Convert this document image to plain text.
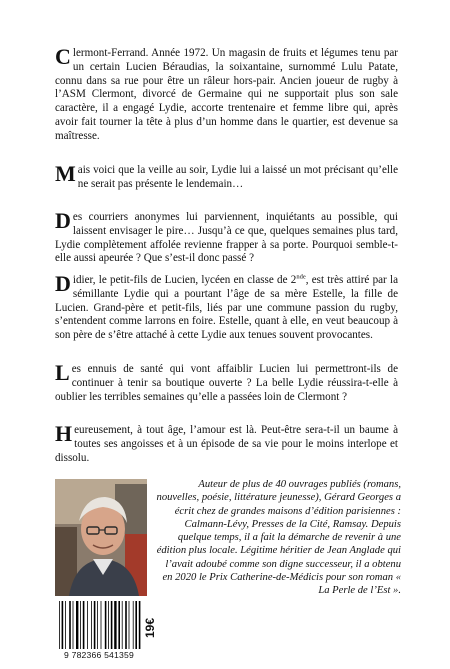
Clermont-Ferrand. Année 1972. Un magasin de fruits et légumes tenu par un certain Lucien Béraudias, la soixantaine, surnommé Lulu Patate, connu dans sa rue pour être un râleur hors-pair. Ancien joueur de rugby à l’ASM Clermont, divorcé de Germaine qui ne supportait plus son sale caractère, il a engagé Lydie, accorte trentenaire et femme libre qui, après avoir fait tourner la tête à plus d’un homme dans le quartier, est devenue sa maîtresse.
Mais voici que la veille au soir, Lydie lui a laissé un mot précisant qu’elle ne serait pas présente le lendemain…
Des courriers anonymes lui parviennent, inquiétants au possible, qui laissent envisager le pire… Jusqu’à ce que, quelques semaines plus tard, Lydie complètement affolée revienne frapper à sa porte. Pourquoi semble-t-elle aussi apeurée ? Que s’est-il donc passé ?
Didier, le petit-fils de Lucien, lycéen en classe de 2nde, est très attiré par la sémillante Lydie qui a pourtant l’âge de sa mère Estelle, la fille de Lucien. Grand-père et petit-fils, liés par une commune passion du rugby, s’entendent comme larrons en foire. Estelle, quant à elle, en veut beaucoup à son père de s’être attaché à cette Lydie aux tenues souvent provocantes.
Les ennuis de santé qui vont affaiblir Lucien lui permettront-ils de continuer à tenir sa boutique ouverte ? La belle Lydie réussira-t-elle à oublier les terribles semaines qu’elle a passées loin de Clermont ?
Heureusement, à tout âge, l’amour est là. Peut-être sera-t-il un baume à toutes ses angoisses et à un épisode de sa vie pour le moins interlope et dissolu.
Auteur de plus de 40 ouvrages publiés (romans, nouvelles, poésie, littérature jeunesse), Gérard Georges a écrit chez de grandes maisons d’édition parisiennes : Calmann-Lévy, Presses de la Cité, Ramsay. Depuis quelque temps, il a fait la démarche de revenir à une édition plus locale. Légitime héritier de Jean Anglade qui l’avait adoubé comme son digne successeur, il a obtenu en 2020 le Prix Catherine-de-Médicis pour son roman « La Perle de l’Est ».
9 782366 541359
19€
